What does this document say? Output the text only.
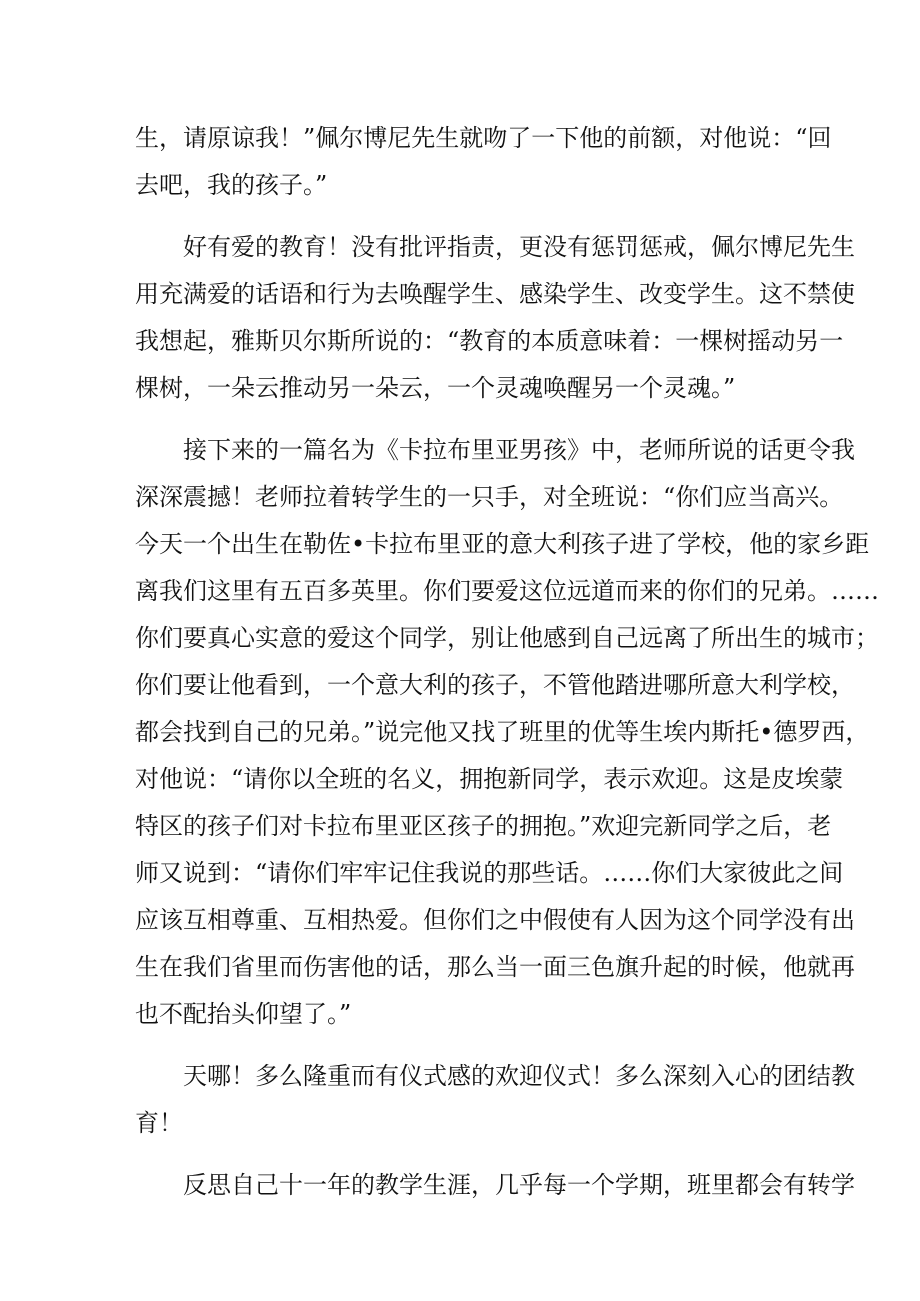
生，请原谅我！”佩尔博尼先生就吻了一下他的前额，对他说：“回
去吧，我的孩子。”
好有爱的教育！没有批评指责，更没有惩罚惩戒，佩尔博尼先生
用充满爱的话语和行为去唤醒学生、感染学生、改变学生。这不禁使
我想起，雅斯贝尔斯所说的：“教育的本质意味着：一棵树摇动另一
棵树，一朵云推动另一朵云，一个灵魂唤醒另一个灵魂。”
接下来的一篇名为《卡拉布里亚男孩》中，老师所说的话更令我
深深震撼！老师拉着转学生的一只手，对全班说：“你们应当高兴。
今天一个出生在勒佐•卡拉布里亚的意大利孩子进了学校，他的家乡距
离我们这里有五百多英里。你们要爱这位远道而来的你们的兄弟。……
你们要真心实意的爱这个同学，别让他感到自己远离了所出生的城市；
你们要让他看到，一个意大利的孩子，不管他踏进哪所意大利学校，
都会找到自己的兄弟。”说完他又找了班里的优等生埃内斯托•德罗西，
对他说：“请你以全班的名义，拥抱新同学，表示欢迎。这是皮埃蒙
特区的孩子们对卡拉布里亚区孩子的拥抱。”欢迎完新同学之后，老
师又说到：“请你们牢牢记住我说的那些话。……你们大家彼此之间
应该互相尊重、互相热爱。但你们之中假使有人因为这个同学没有出
生在我们省里而伤害他的话，那么当一面三色旗升起的时候，他就再
也不配抬头仰望了。”
天哪！多么隆重而有仪式感的欢迎仪式！多么深刻入心的团结教
育！
反思自己十一年的教学生涯，几乎每一个学期，班里都会有转学
